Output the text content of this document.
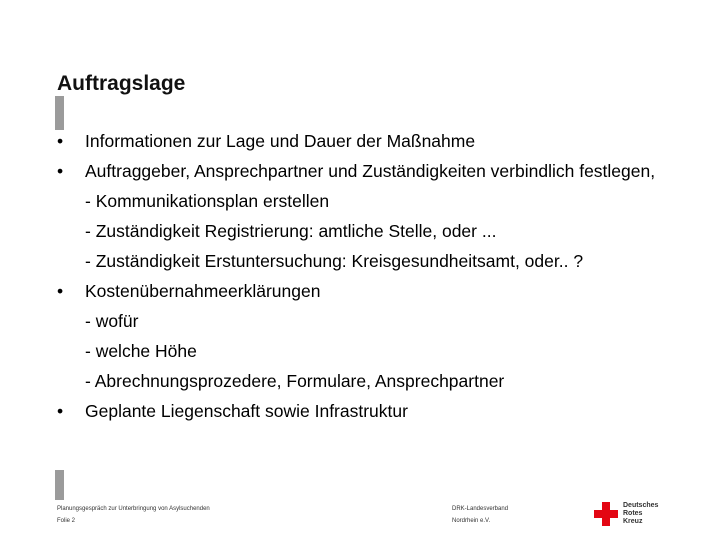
Auftragslage
•	Informationen zur Lage und Dauer der Maßnahme
•	Auftraggeber, Ansprechpartner und Zuständigkeiten verbindlich festlegen,
- Kommunikationsplan erstellen
- Zuständigkeit Registrierung: amtliche Stelle, oder ...
- Zuständigkeit Erstuntersuchung: Kreisgesundheitsamt, oder.. ?
•	Kostenübernahmeerklärungen
- wofür
- welche Höhe
- Abrechnungsprozedere, Formulare, Ansprechpartner
•	Geplante Liegenschaft sowie Infrastruktur
Planungsgespräch zur Unterbringung von Asylsuchenden
Folie 2
DRK-Landesverband
Nordrhein e.V.
Deutsches
Rotes
Kreuz
